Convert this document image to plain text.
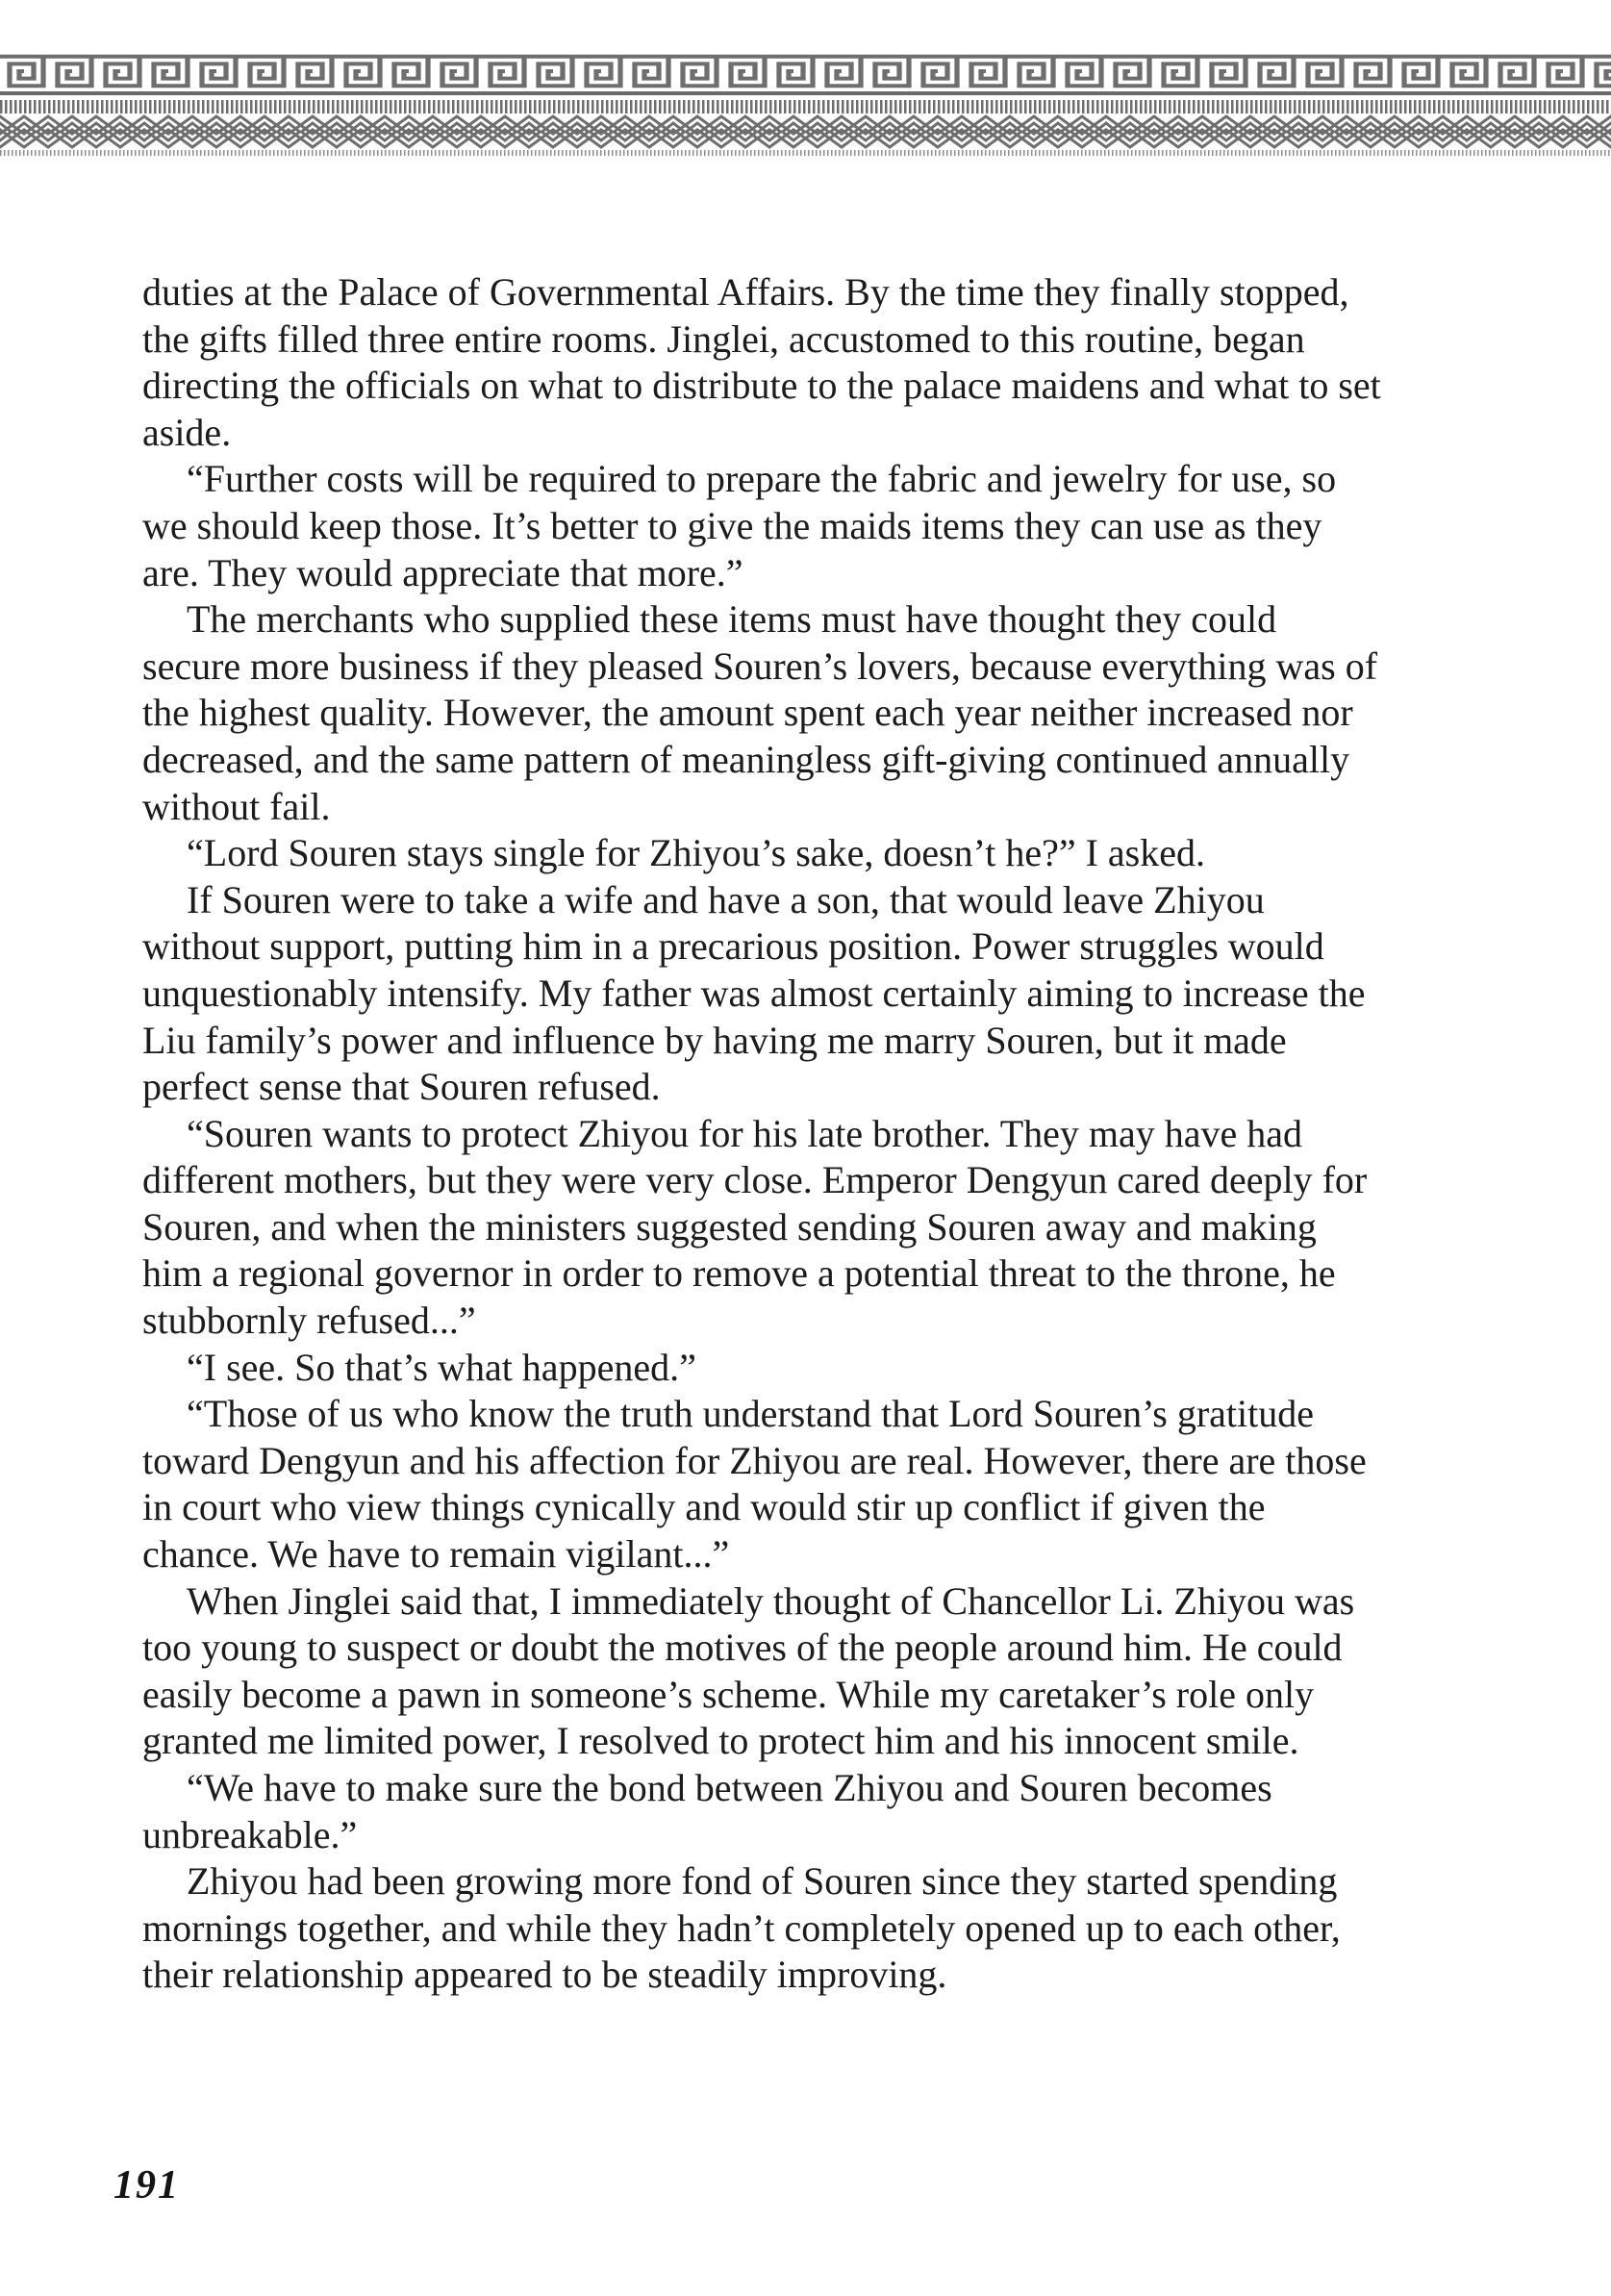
duties at the Palace of Governmental Affairs. By the time they finally stopped, the gifts filled three entire rooms. Jinglei, accustomed to this routine, began directing the officials on what to distribute to the palace maidens and what to set aside.

“Further costs will be required to prepare the fabric and jewelry for use, so we should keep those. It’s better to give the maids items they can use as they are. They would appreciate that more.”

The merchants who supplied these items must have thought they could secure more business if they pleased Souren’s lovers, because everything was of the highest quality. However, the amount spent each year neither increased nor decreased, and the same pattern of meaningless gift-giving continued annually without fail.

“Lord Souren stays single for Zhiyou’s sake, doesn’t he?” I asked.

If Souren were to take a wife and have a son, that would leave Zhiyou without support, putting him in a precarious position. Power struggles would unquestionably intensify. My father was almost certainly aiming to increase the Liu family’s power and influence by having me marry Souren, but it made perfect sense that Souren refused.

“Souren wants to protect Zhiyou for his late brother. They may have had different mothers, but they were very close. Emperor Dengyun cared deeply for Souren, and when the ministers suggested sending Souren away and making him a regional governor in order to remove a potential threat to the throne, he stubbornly refused...”

“I see. So that’s what happened.”

“Those of us who know the truth understand that Lord Souren’s gratitude toward Dengyun and his affection for Zhiyou are real. However, there are those in court who view things cynically and would stir up conflict if given the chance. We have to remain vigilant...”

When Jinglei said that, I immediately thought of Chancellor Li. Zhiyou was too young to suspect or doubt the motives of the people around him. He could easily become a pawn in someone’s scheme. While my caretaker’s role only granted me limited power, I resolved to protect him and his innocent smile.

“We have to make sure the bond between Zhiyou and Souren becomes unbreakable.”

Zhiyou had been growing more fond of Souren since they started spending mornings together, and while they hadn’t completely opened up to each other, their relationship appeared to be steadily improving.

191
